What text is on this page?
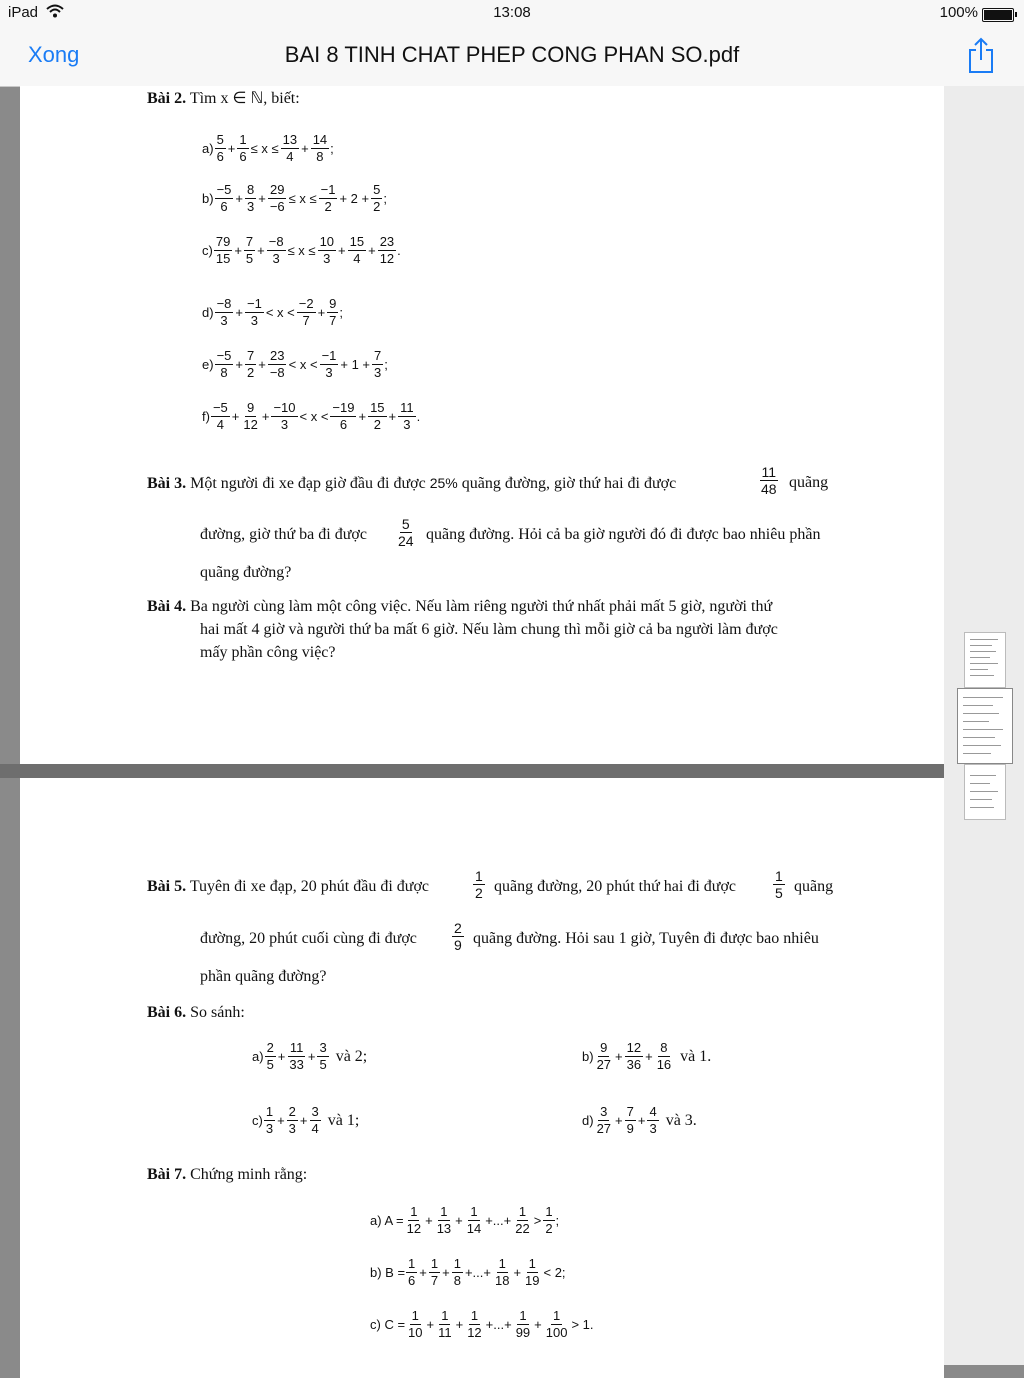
iPad	13:08	100%
Xong	BAI 8 TINH CHAT PHEP CONG PHAN SO.pdf
Bài 2. Tìm x ∈ ℕ, biết:
$a) \frac{5}{6} + \frac{1}{6} \le x \le \frac{13}{4} + \frac{14}{8}$ ;
$b) \frac{-5}{6} + \frac{8}{3} + \frac{29}{-6} \le x \le \frac{-1}{2} + 2 + \frac{5}{2}$ ;
$c) \frac{79}{15} + \frac{7}{5} + \frac{-8}{3} \le x \le \frac{10}{3} + \frac{15}{4} + \frac{23}{12}$ .
$d) \frac{-8}{3} + \frac{-1}{3} < x < \frac{-2}{7} + \frac{9}{7}$ ;
$e) \frac{-5}{8} + \frac{7}{2} + \frac{23}{-8} < x < \frac{-1}{3} + 1 + \frac{7}{3}$ ;
$f) \frac{-5}{4} + \frac{9}{12} + \frac{-10}{3} < x < \frac{-19}{6} + \frac{15}{2} + \frac{11}{3}$ .
Bài 3. Một người đi xe đạp giờ đầu đi được 25% quãng đường, giờ thứ hai đi được	$\frac{11}{48}$ quãng
đường, giờ thứ ba đi được $\frac{5}{24}$ quãng đường. Hỏi cả ba giờ người đó đi được bao nhiêu phần
quãng đường?
Bài 4. Ba người cùng làm một công việc. Nếu làm riêng người thứ nhất phải mất 5 giờ, người thứ
hai mất 4 giờ và người thứ ba mất 6 giờ. Nếu làm chung thì mỗi giờ cả ba người làm được
mấy phần công việc?
Bài 5. Tuyên đi xe đạp, 20 phút đầu đi được	$\frac{1}{2}$ quãng đường, 20 phút thứ hai đi được	$\frac{1}{5}$ quãng
đường, 20 phút cuối cùng đi được	$\frac{2}{9}$ quãng đường. Hỏi sau 1 giờ, Tuyên đi được bao nhiêu
phần quãng đường?
Bài 6. So sánh:
$a) \frac{2}{5} + \frac{11}{33} + \frac{3}{5}$ và 2;	$b) \frac{9}{27} + \frac{12}{36} + \frac{8}{16}$ và 1.
$c) \frac{1}{3} + \frac{2}{3} + \frac{3}{4}$ và 1;	$d) \frac{3}{27} + \frac{7}{9} + \frac{4}{3}$ và 3.
Bài 7. Chứng minh rằng:
a) $A = \frac{1}{12} + \frac{1}{13} + \frac{1}{14}$ +...+ $\frac{1}{22} > \frac{1}{2}$ ;
b) $B = \frac{1}{6} + \frac{1}{7} + \frac{1}{8}$ +...+ $\frac{1}{18} + \frac{1}{19} < 2$;
c) $C = \frac{1}{10} + \frac{1}{11} + \frac{1}{12}$ +...+ $\frac{1}{99} + \frac{1}{100} > 1$.
